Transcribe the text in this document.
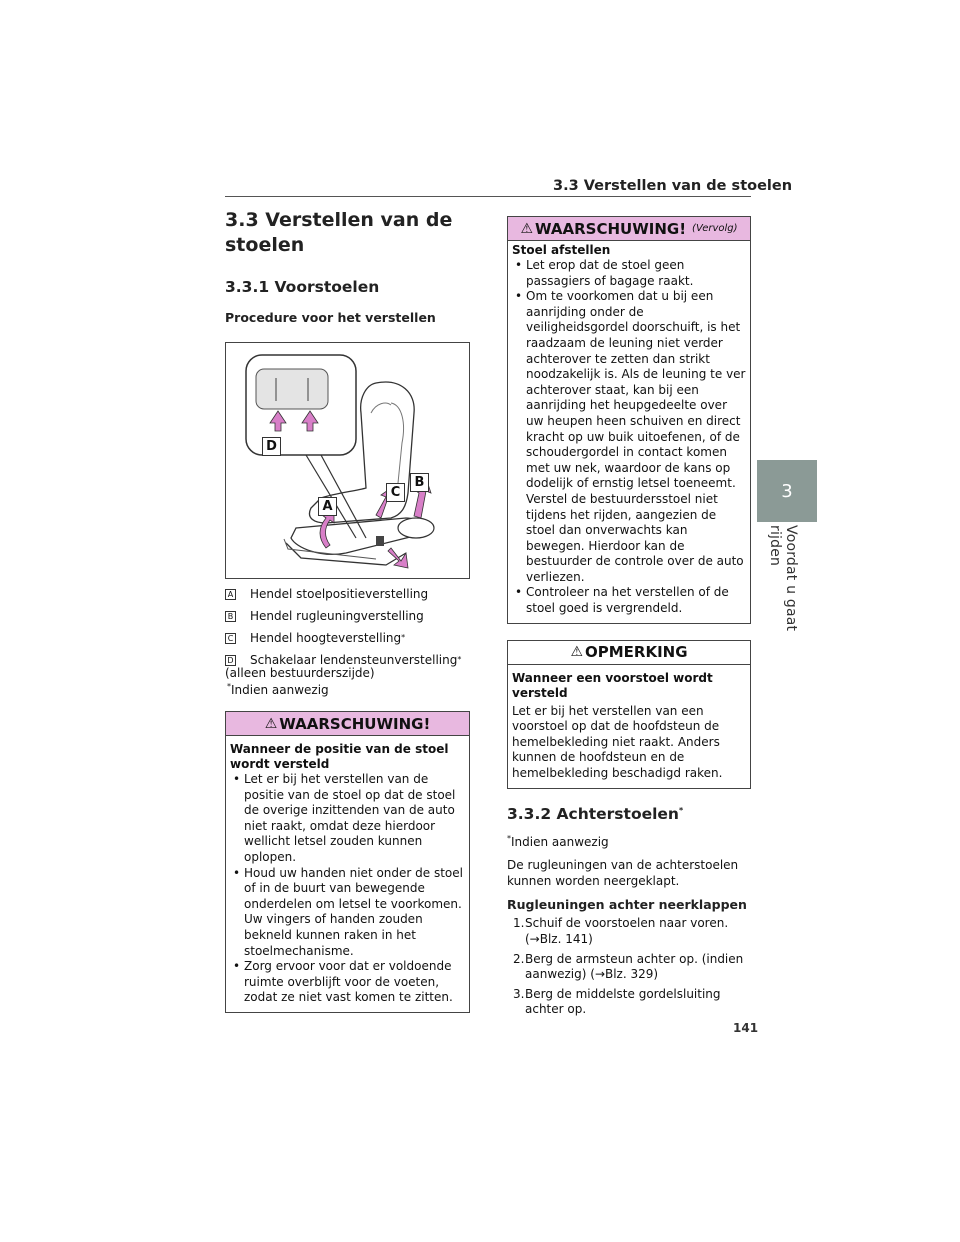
3.3 Verstellen van de stoelen
3
Voordat u gaat rijden
3.3 Verstellen van de stoelen
3.3.1 Voorstoelen
Procedure voor het verstellen
D
A
C
B
A Hendel stoelpositieverstelling
B Hendel rugleuningverstelling
C Hendel hoogteverstelling *
D Schakelaar lendensteunverstelling *
(alleen bestuurderszijde)
*Indien aanwezig
⚠ WAARSCHUWING!
Wanneer de positie van de stoel wordt versteld
• Let er bij het verstellen van de positie van de stoel op dat de stoel de overige inzittenden van de auto niet raakt, omdat deze hierdoor wellicht letsel zouden kunnen oplopen.
• Houd uw handen niet onder de stoel of in de buurt van bewegende onderdelen om letsel te voorkomen. Uw vingers of handen zouden bekneld kunnen raken in het stoelmechanisme.
• Zorg ervoor voor dat er voldoende ruimte overblijft voor de voeten, zodat ze niet vast komen te zitten.
⚠ WAARSCHUWING! (Vervolg)
Stoel afstellen
• Let erop dat de stoel geen passagiers of bagage raakt.
• Om te voorkomen dat u bij een aanrijding onder de veiligheidsgordel doorschuift, is het raadzaam de leuning niet verder achterover te zetten dan strikt noodzakelijk is. Als de leuning te ver achterover staat, kan bij een aanrijding het heupgedeelte over uw heupen heen schuiven en direct kracht op uw buik uitoefenen, of de schoudergordel in contact komen met uw nek, waardoor de kans op dodelijk of ernstig letsel toeneemt. Verstel de bestuurdersstoel niet tijdens het rijden, aangezien de stoel dan onverwachts kan bewegen. Hierdoor kan de bestuurder de controle over de auto verliezen.
• Controleer na het verstellen of de stoel goed is vergrendeld.
⚠ OPMERKING
Wanneer een voorstoel wordt versteld
Let er bij het verstellen van een voorstoel op dat de hoofdsteun de hemelbekleding niet raakt. Anders kunnen de hoofdsteun en de hemelbekleding beschadigd raken.
3.3.2 Achterstoelen*
*Indien aanwezig
De rugleuningen van de achterstoelen kunnen worden neergeklapt.
Rugleuningen achter neerklappen
1. Schuif de voorstoelen naar voren. (→Blz. 141)
2. Berg de armsteun achter op. (indien aanwezig) (→Blz. 329)
3. Berg de middelste gordelsluiting achter op.
141
